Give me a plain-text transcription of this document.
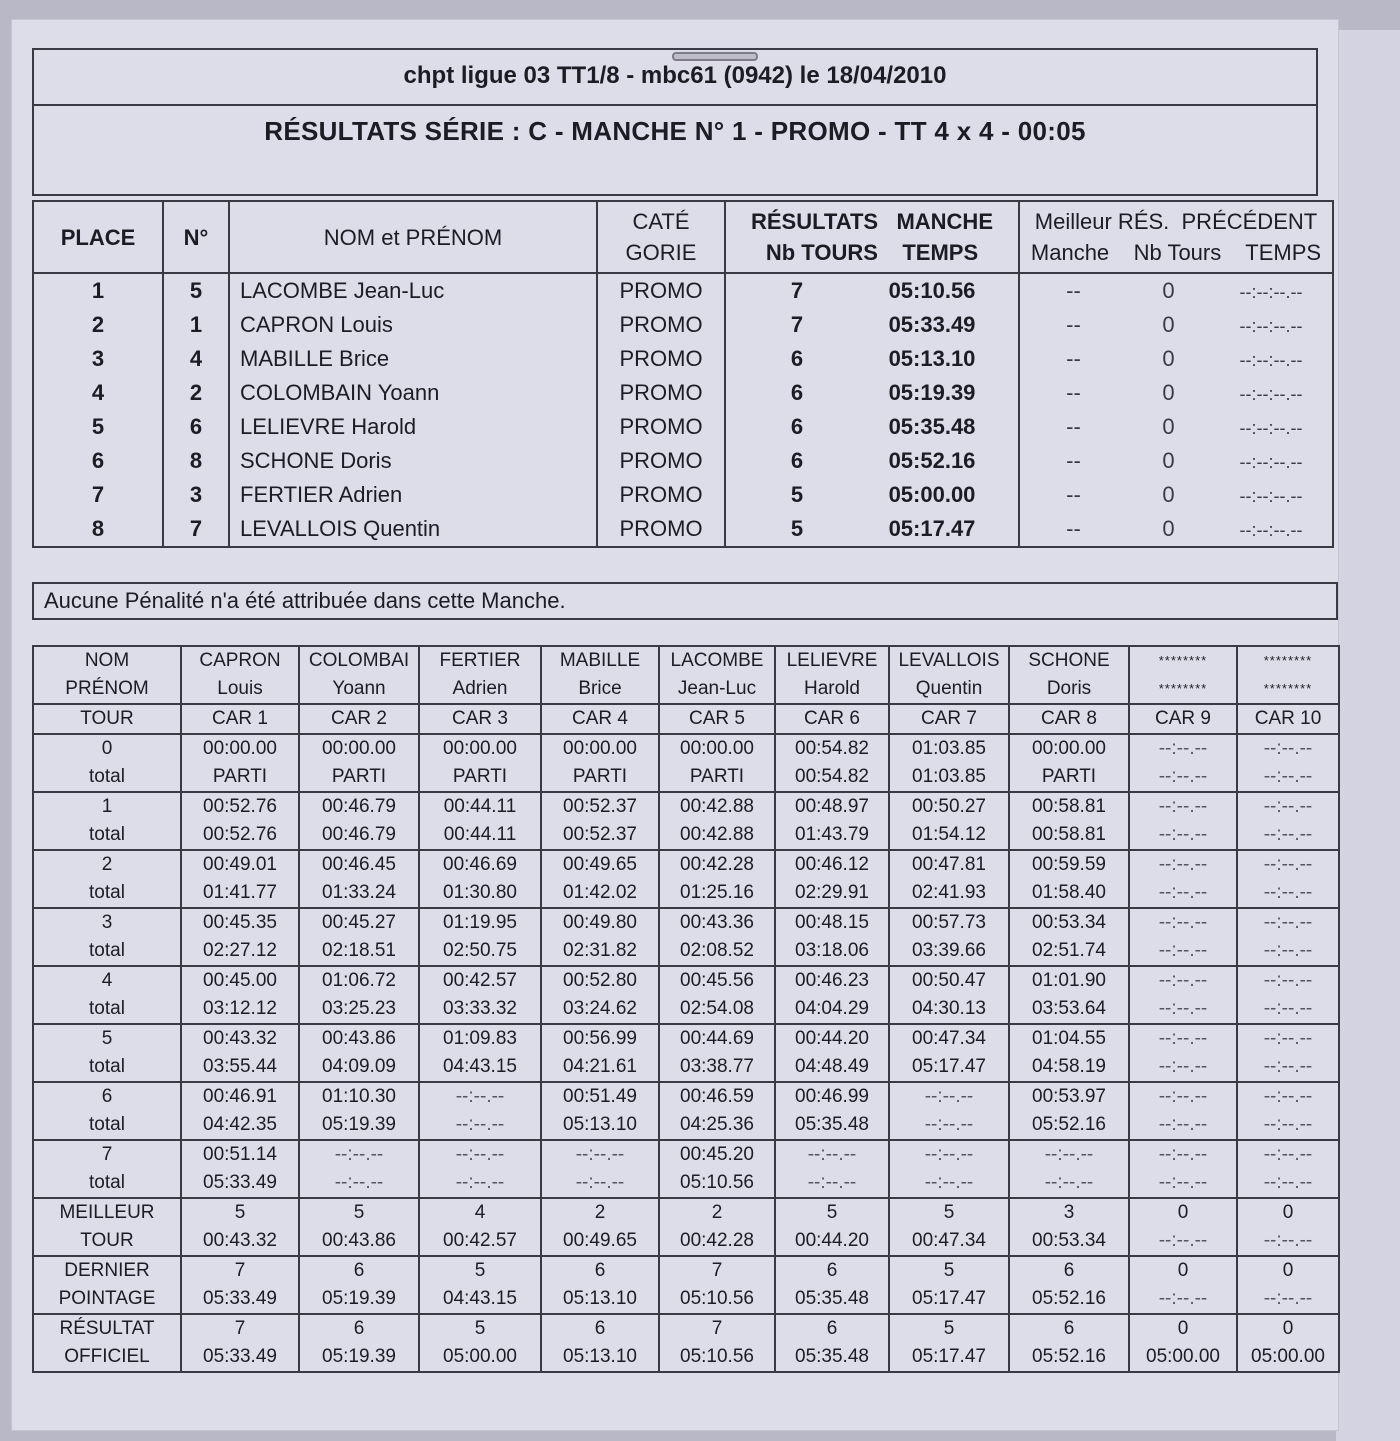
chpt ligue 03 TT1/8 - mbc61 (0942) le 18/04/2010
RÉSULTATS SÉRIE : C - MANCHE N° 1 - PROMO - TT 4 x 4 - 00:05
PLACE	N°	NOM et PRÉNOM	CATÉ
GORIE	RÉSULTATS   MANCHE
Nb TOURS    TEMPS	Meilleur RÉS.  PRÉCÉDENT
Manche    Nb Tours    TEMPS
1	5	LACOMBE Jean-Luc	PROMO	7 05:10.56	-- 0 --:--:--.--
2	1	CAPRON Louis	PROMO	7 05:33.49	-- 0 --:--:--.--
3	4	MABILLE Brice	PROMO	6 05:13.10	-- 0 --:--:--.--
4	2	COLOMBAIN Yoann	PROMO	6 05:19.39	-- 0 --:--:--.--
5	6	LELIEVRE Harold	PROMO	6 05:35.48	-- 0 --:--:--.--
6	8	SCHONE Doris	PROMO	6 05:52.16	-- 0 --:--:--.--
7	3	FERTIER Adrien	PROMO	5 05:00.00	-- 0 --:--:--.--
8	7	LEVALLOIS Quentin	PROMO	5 05:17.47	-- 0 --:--:--.--
Aucune Pénalité n'a été attribuée dans cette Manche.
NOM	CAPRON	COLOMBAI	FERTIER	MABILLE	LACOMBE	LELIEVRE	LEVALLOIS	SCHONE	********	********
PRÉNOM	Louis	Yoann	Adrien	Brice	Jean-Luc	Harold	Quentin	Doris	********	********
TOUR	CAR 1	CAR 2	CAR 3	CAR 4	CAR 5	CAR 6	CAR 7	CAR 8	CAR 9	CAR 10
0	00:00.00	00:00.00	00:00.00	00:00.00	00:00.00	00:54.82	01:03.85	00:00.00	--:--.--	--:--.--
total	PARTI	PARTI	PARTI	PARTI	PARTI	00:54.82	01:03.85	PARTI	--:--.--	--:--.--
1	00:52.76	00:46.79	00:44.11	00:52.37	00:42.88	00:48.97	00:50.27	00:58.81	--:--.--	--:--.--
total	00:52.76	00:46.79	00:44.11	00:52.37	00:42.88	01:43.79	01:54.12	00:58.81	--:--.--	--:--.--
2	00:49.01	00:46.45	00:46.69	00:49.65	00:42.28	00:46.12	00:47.81	00:59.59	--:--.--	--:--.--
total	01:41.77	01:33.24	01:30.80	01:42.02	01:25.16	02:29.91	02:41.93	01:58.40	--:--.--	--:--.--
3	00:45.35	00:45.27	01:19.95	00:49.80	00:43.36	00:48.15	00:57.73	00:53.34	--:--.--	--:--.--
total	02:27.12	02:18.51	02:50.75	02:31.82	02:08.52	03:18.06	03:39.66	02:51.74	--:--.--	--:--.--
4	00:45.00	01:06.72	00:42.57	00:52.80	00:45.56	00:46.23	00:50.47	01:01.90	--:--.--	--:--.--
total	03:12.12	03:25.23	03:33.32	03:24.62	02:54.08	04:04.29	04:30.13	03:53.64	--:--.--	--:--.--
5	00:43.32	00:43.86	01:09.83	00:56.99	00:44.69	00:44.20	00:47.34	01:04.55	--:--.--	--:--.--
total	03:55.44	04:09.09	04:43.15	04:21.61	03:38.77	04:48.49	05:17.47	04:58.19	--:--.--	--:--.--
6	00:46.91	01:10.30	--:--.--	00:51.49	00:46.59	00:46.99	--:--.--	00:53.97	--:--.--	--:--.--
total	04:42.35	05:19.39	--:--.--	05:13.10	04:25.36	05:35.48	--:--.--	05:52.16	--:--.--	--:--.--
7	00:51.14	--:--.--	--:--.--	--:--.--	00:45.20	--:--.--	--:--.--	--:--.--	--:--.--	--:--.--
total	05:33.49	--:--.--	--:--.--	--:--.--	05:10.56	--:--.--	--:--.--	--:--.--	--:--.--	--:--.--
MEILLEUR	5	5	4	2	2	5	5	3	0	0
TOUR	00:43.32	00:43.86	00:42.57	00:49.65	00:42.28	00:44.20	00:47.34	00:53.34	--:--.--	--:--.--
DERNIER	7	6	5	6	7	6	5	6	0	0
POINTAGE	05:33.49	05:19.39	04:43.15	05:13.10	05:10.56	05:35.48	05:17.47	05:52.16	--:--.--	--:--.--
RÉSULTAT	7	6	5	6	7	6	5	6	0	0
OFFICIEL	05:33.49	05:19.39	05:00.00	05:13.10	05:10.56	05:35.48	05:17.47	05:52.16	05:00.00	05:00.00
